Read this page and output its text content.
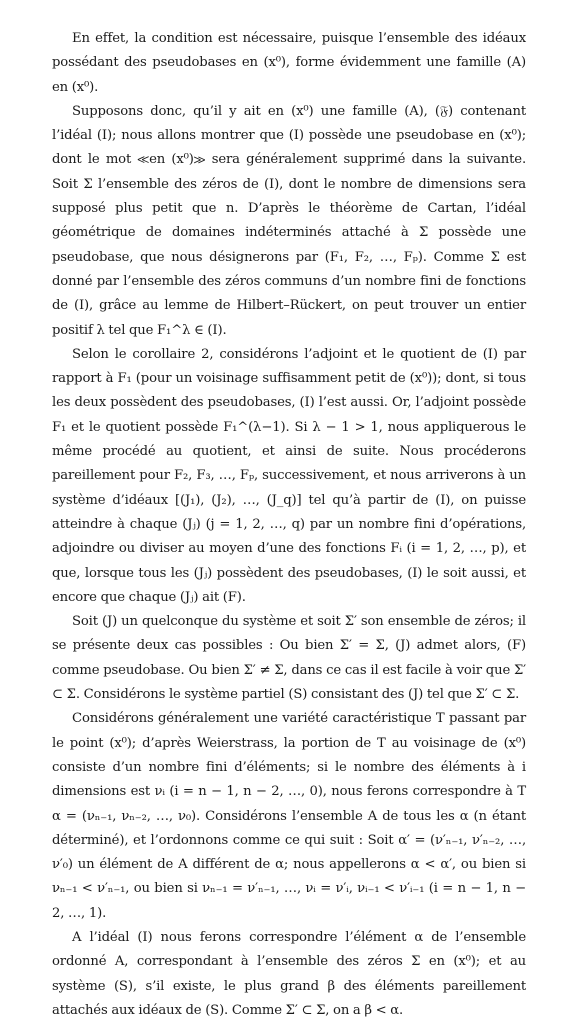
En effet, la condition est nécessaire, puisque l’ensemble des idéaux possédant des pseudobases en (x⁰), forme évidemment une famille (A) en (x⁰).

Supposons donc, qu’il y ait en (x⁰) une famille (A), (𝔉) contenant l’idéal (I); nous allons montrer que (I) possède une pseudobase en (x⁰); dont le mot ≪en (x⁰)≫ sera généralement supprimé dans la suivante. Soit Σ l’ensemble des zéros de (I), dont le nombre de dimensions sera supposé plus petit que n. D’après le théorème de Cartan, l’idéal géométrique de domaines indéterminés attaché à Σ possède une pseudobase, que nous désignerons par (F₁, F₂, …, Fₚ). Comme Σ est donné par l’ensemble des zéros communs d’un nombre fini de fonctions de (I), grâce au lemme de Hilbert–Rückert, on peut trouver un entier positif λ tel que F₁^λ ∈ (I).

Selon le corollaire 2, considérons l’adjoint et le quotient de (I) par rapport à F₁ (pour un voisinage suffisamment petit de (x⁰)); dont, si tous les deux possèdent des pseudobases, (I) l’est aussi. Or, l’adjoint possède F₁ et le quotient possède F₁^(λ−1). Si λ − 1 > 1, nous appliquerous le même procédé au quotient, et ainsi de suite. Nous procéderons pareillement pour F₂, F₃, …, Fₚ, successivement, et nous arriverons à un système d’idéaux [(J₁), (J₂), …, (J_q)] tel qu’à partir de (I), on puisse atteindre à chaque (Jⱼ) (j = 1, 2, …, q) par un nombre fini d’opérations, adjoindre ou diviser au moyen d’une des fonctions Fᵢ (i = 1, 2, …, p), et que, lorsque tous les (Jⱼ) possèdent des pseudobases, (I) le soit aussi, et encore que chaque (Jⱼ) ait (F).

Soit (J) un quelconque du système et soit Σ′ son ensemble de zéros; il se présente deux cas possibles : Ou bien Σ′ = Σ, (J) admet alors, (F) comme pseudobase. Ou bien Σ′ ≠ Σ, dans ce cas il est facile à voir que Σ′ ⊂ Σ. Considérons le système partiel (S) consistant des (J) tel que Σ′ ⊂ Σ.

Considérons généralement une variété caractéristique T passant par le point (x⁰); d’après Weierstrass, la portion de T au voisinage de (x⁰) consiste d’un nombre fini d’éléments; si le nombre des éléments à i dimensions est νᵢ (i = n − 1, n − 2, …, 0), nous ferons correspondre à T α = (νₙ₋₁, νₙ₋₂, …, ν₀). Considérons l’ensemble A de tous les α (n étant déterminé), et l’ordonnons comme ce qui suit : Soit α′ = (ν′ₙ₋₁, ν′ₙ₋₂, …, ν′₀) un élément de A différent de α; nous appellerons α < α′, ou bien si νₙ₋₁ < ν′ₙ₋₁, ou bien si νₙ₋₁ = ν′ₙ₋₁, …, νᵢ = ν′ᵢ, νᵢ₋₁ < ν′ᵢ₋₁ (i = n − 1, n − 2, …, 1).

A l’idéal (I) nous ferons correspondre l’élément α de l’ensemble ordonné A, correspondant à l’ensemble des zéros Σ en (x⁰); et au système (S), s’il existe, le plus grand β des éléments pareillement attachés aux idéaux de (S). Comme Σ′ ⊂ Σ, on a β < α.
